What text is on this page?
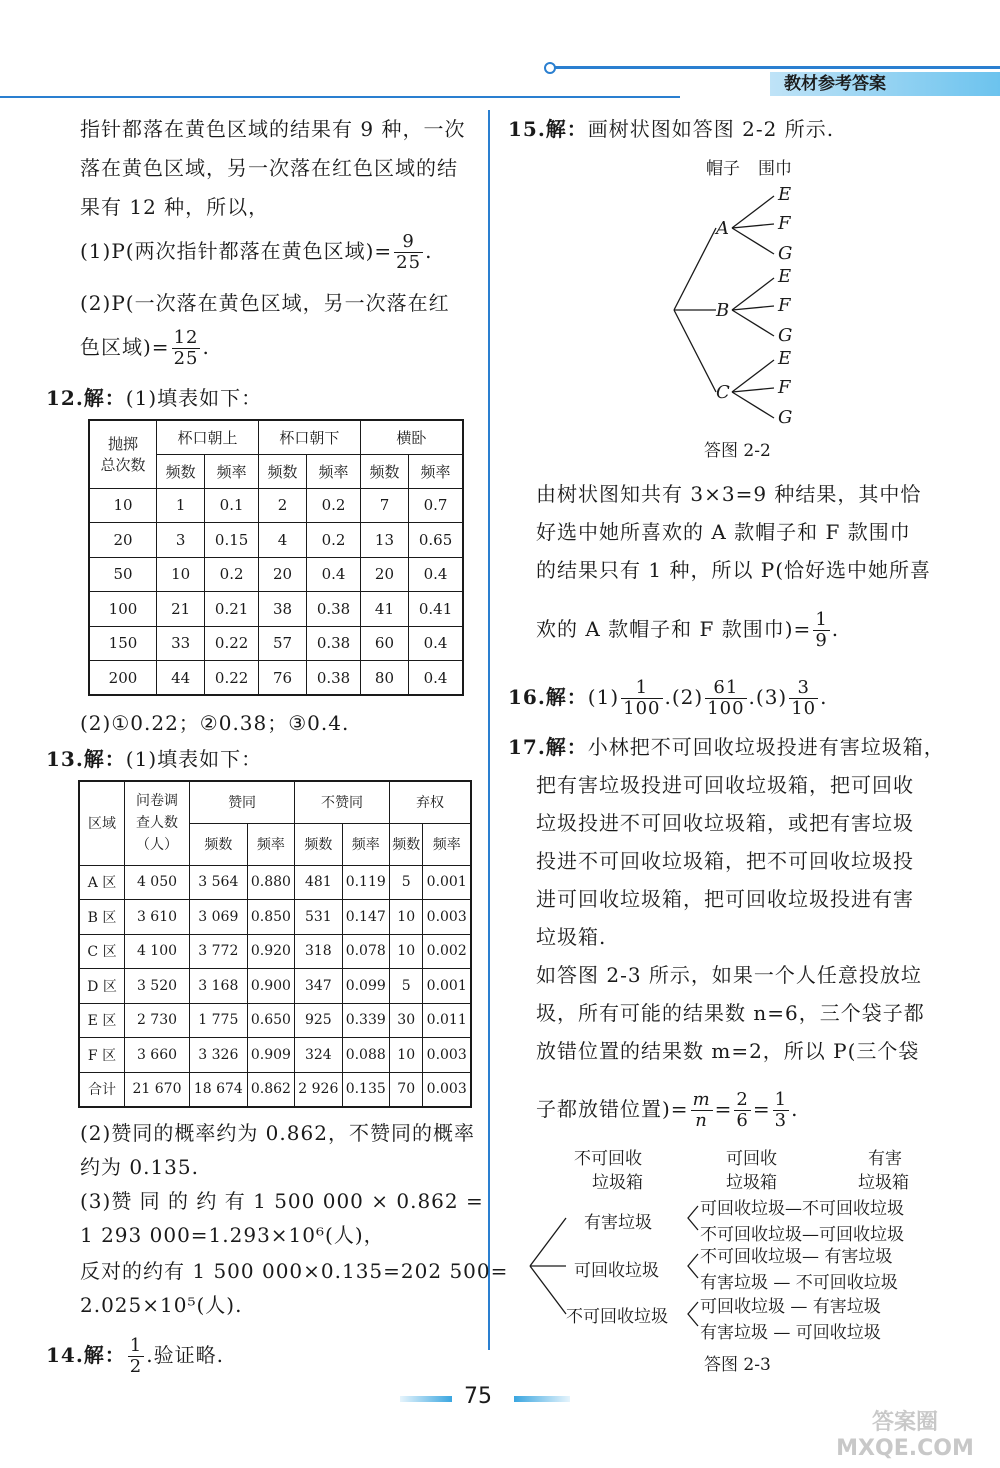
教材参考答案
指针都落在黄色区域的结果有 9 种，一次
落在黄色区域，另一次落在红色区域的结
果有 12 种，所以，
(1)P(两次指针都落在黄色区域)= $\frac{9}{25}$ .
(2)P(一次落在黄色区域，另一次落在红
色区域)= $\frac{12}{25}$ .
12.解：(1)填表如下：
抛掷
总次数	杯口朝上		杯口朝下		横卧	
	频数	频率	频数	频率	频数	频率
10	1	0.1	2	0.2	7	0.7
20	3	0.15	4	0.2	13	0.65
50	10	0.2	20	0.4	20	0.4
100	21	0.21	38	0.38	41	0.41
150	33	0.22	57	0.38	60	0.4
200	44	0.22	76	0.38	80	0.4
(2)①0.22；②0.38；③0.4.
13.解：(1)填表如下：
区域	问卷调
查人数
（人）	赞同		不赞同		弃权	
		频数	频率	频数	频率	频数	频率
A 区	4 050	3 564	0.880	481	0.119	5	0.001
B 区	3 610	3 069	0.850	531	0.147	10	0.003
C 区	4 100	3 772	0.920	318	0.078	10	0.002
D 区	3 520	3 168	0.900	347	0.099	5	0.001
E 区	2 730	1 775	0.650	925	0.339	30	0.011
F 区	3 660	3 326	0.909	324	0.088	10	0.003
合计	21 670	18 674	0.862	2 926	0.135	70	0.003
(2)赞同的概率约为 0.862，不赞同的概率
约为 0.135.
(3)赞 同 的 约 有 1 500 000 × 0.862 =
1 293 000=1.293×10⁶(人)，
反对的约有 1 500 000×0.135=202 500=
2.025×10⁵(人).
14.解： $\frac{1}{2}$ .验证略.
15.解：画树状图如答图 2-2 所示.
帽子 围巾
A
B
C
E
F
G
E
F
G
E
F
G
答图 2-2
由树状图知共有 3×3=9 种结果，其中恰
好选中她所喜欢的 A 款帽子和 F 款围巾
的结果只有 1 种，所以 P(恰好选中她所喜
欢的 A 款帽子和 F 款围巾)= $\frac{1}{9}$ .
16.解：$(1) \frac{1}{100} .(2) \frac{61}{100} .(3) \frac{3}{10}$ .
17.解：小林把不可回收垃圾投进有害垃圾箱，
把有害垃圾投进可回收垃圾箱，把可回收
垃圾投进不可回收垃圾箱，或把有害垃圾
投进不可回收垃圾箱，把不可回收垃圾投
进可回收垃圾箱，把可回收垃圾投进有害
垃圾箱.
如答图 2-3 所示，如果一个人任意投放垃
圾，所有可能的结果数 n=6，三个袋子都
放错位置的结果数 m=2，所以 P(三个袋
子都放错位置)= $\frac{m}{n} = \frac{2}{6} = \frac{1}{3}$ .
不可回收
垃圾箱
可回收
垃圾箱
有害
垃圾箱
有害垃圾
可回收垃圾
不可回收垃圾
可回收垃圾—不可回收垃圾
不可回收垃圾—可回收垃圾
不可回收垃圾— 有害垃圾
有害垃圾 — 不可回收垃圾
可回收垃圾 — 有害垃圾
有害垃圾 — 可回收垃圾
答图 2-3
75
答案圈 MXQE.COM
